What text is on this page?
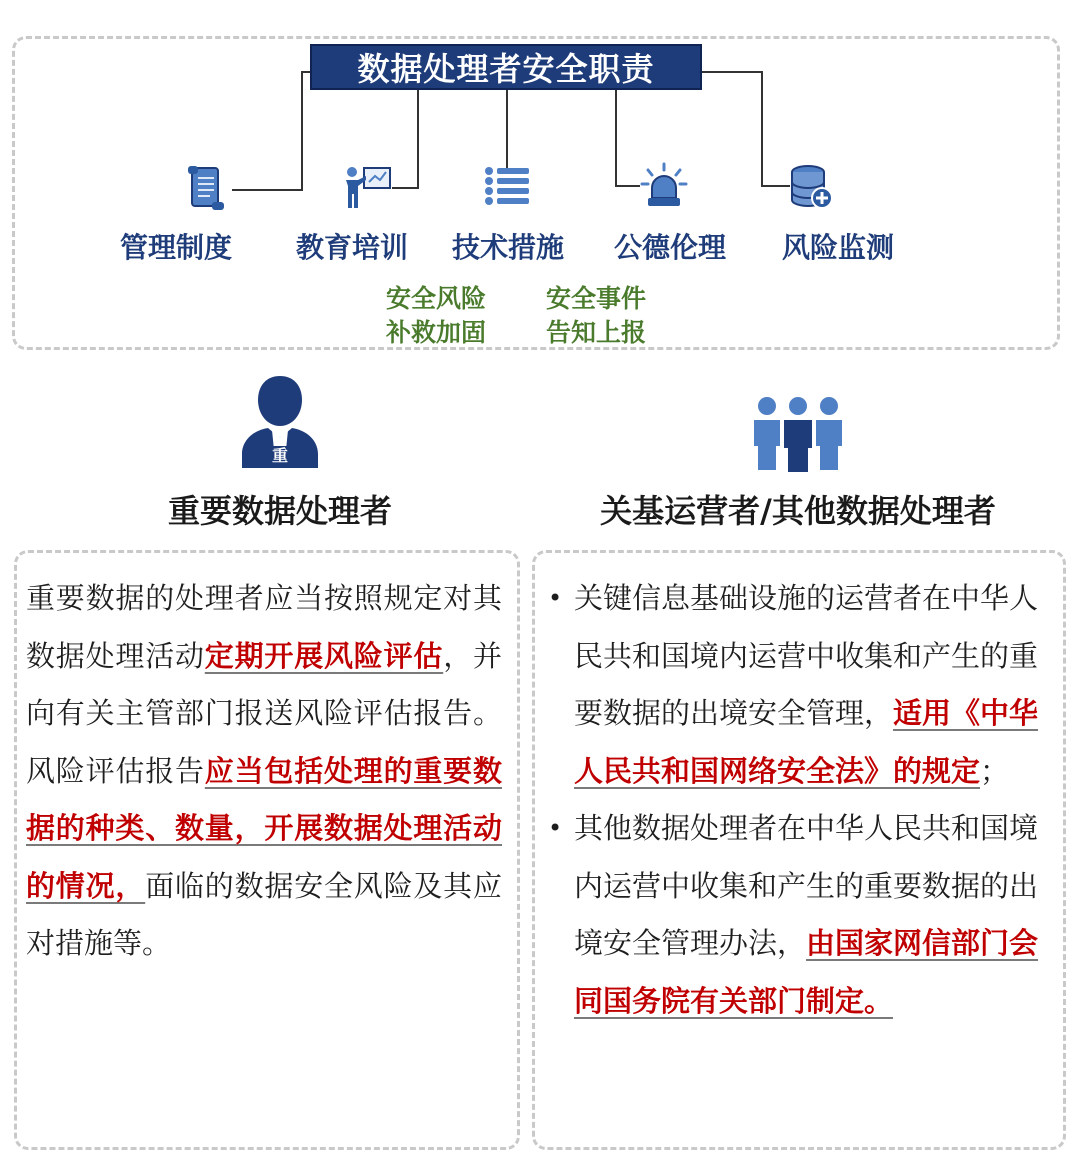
数据处理者安全职责
管理制度 教育培训 技术措施 公德伦理 风险监测
安全风险
补救加固
安全事件
告知上报
重
重要数据处理者	关基运营者/其他数据处理者
重要数据的处理者应当按照规定对其数据处理活动定期开展风险评估，并向有关主管部门报送风险评估报告。风险评估报告应当包括处理的重要数据的种类、数量，开展数据处理活动的情况，面临的数据安全风险及其应对措施等。
• 关键信息基础设施的运营者在中华人民共和国境内运营中收集和产生的重要数据的出境安全管理，适用《中华人民共和国网络安全法》的规定；
• 其他数据处理者在中华人民共和国境内运营中收集和产生的重要数据的出境安全管理办法，由国家网信部门会同国务院有关部门制定。
